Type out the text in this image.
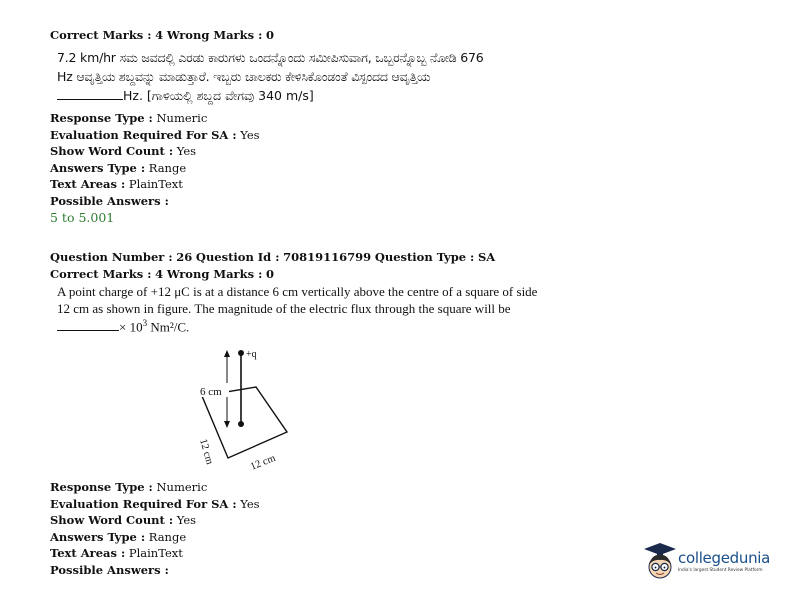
Correct Marks : 4 Wrong Marks : 0
7.2 km/hr ಸಮ ಜವದಲ್ಲಿ ಎರಡು ಕಾರುಗಳು ಒಂದನ್ನೊಂದು ಸಮೀಪಿಸುವಾಗ, ಒಬ್ಬರನ್ನೊಬ್ಬ ನೋಡಿ 676
Hz ಆವೃತ್ತಿಯ ಶಬ್ದವನ್ನು ಮಾಡುತ್ತಾರೆ. ಇಬ್ಬರು ಚಾಲಕರು ಕೇಳಿಸಿಕೊಂಡಂತೆ ವಿಸ್ಪಂದದ ಆವೃತ್ತಿಯ
Hz. [ಗಾಳಿಯಲ್ಲಿ ಶಬ್ದದ ವೇಗವು 340 m/s]
Response Type : Numeric
Evaluation Required For SA : Yes
Show Word Count : Yes
Answers Type : Range
Text Areas : PlainText
Possible Answers :
5 to 5.001
Question Number : 26 Question Id : 70819116799 Question Type : SA
Correct Marks : 4 Wrong Marks : 0
A point charge of +12 μC is at a distance 6 cm vertically above the centre of a square of side
12 cm as shown in figure. The magnitude of the electric flux through the square will be
× $10^3$ Nm²/C.
6 cm
+q
12 cm	12 cm
Response Type : Numeric
Evaluation Required For SA : Yes
Show Word Count : Yes
Answers Type : Range
Text Areas : PlainText
Possible Answers :
collegedunia
India's largest Student Review Platform
